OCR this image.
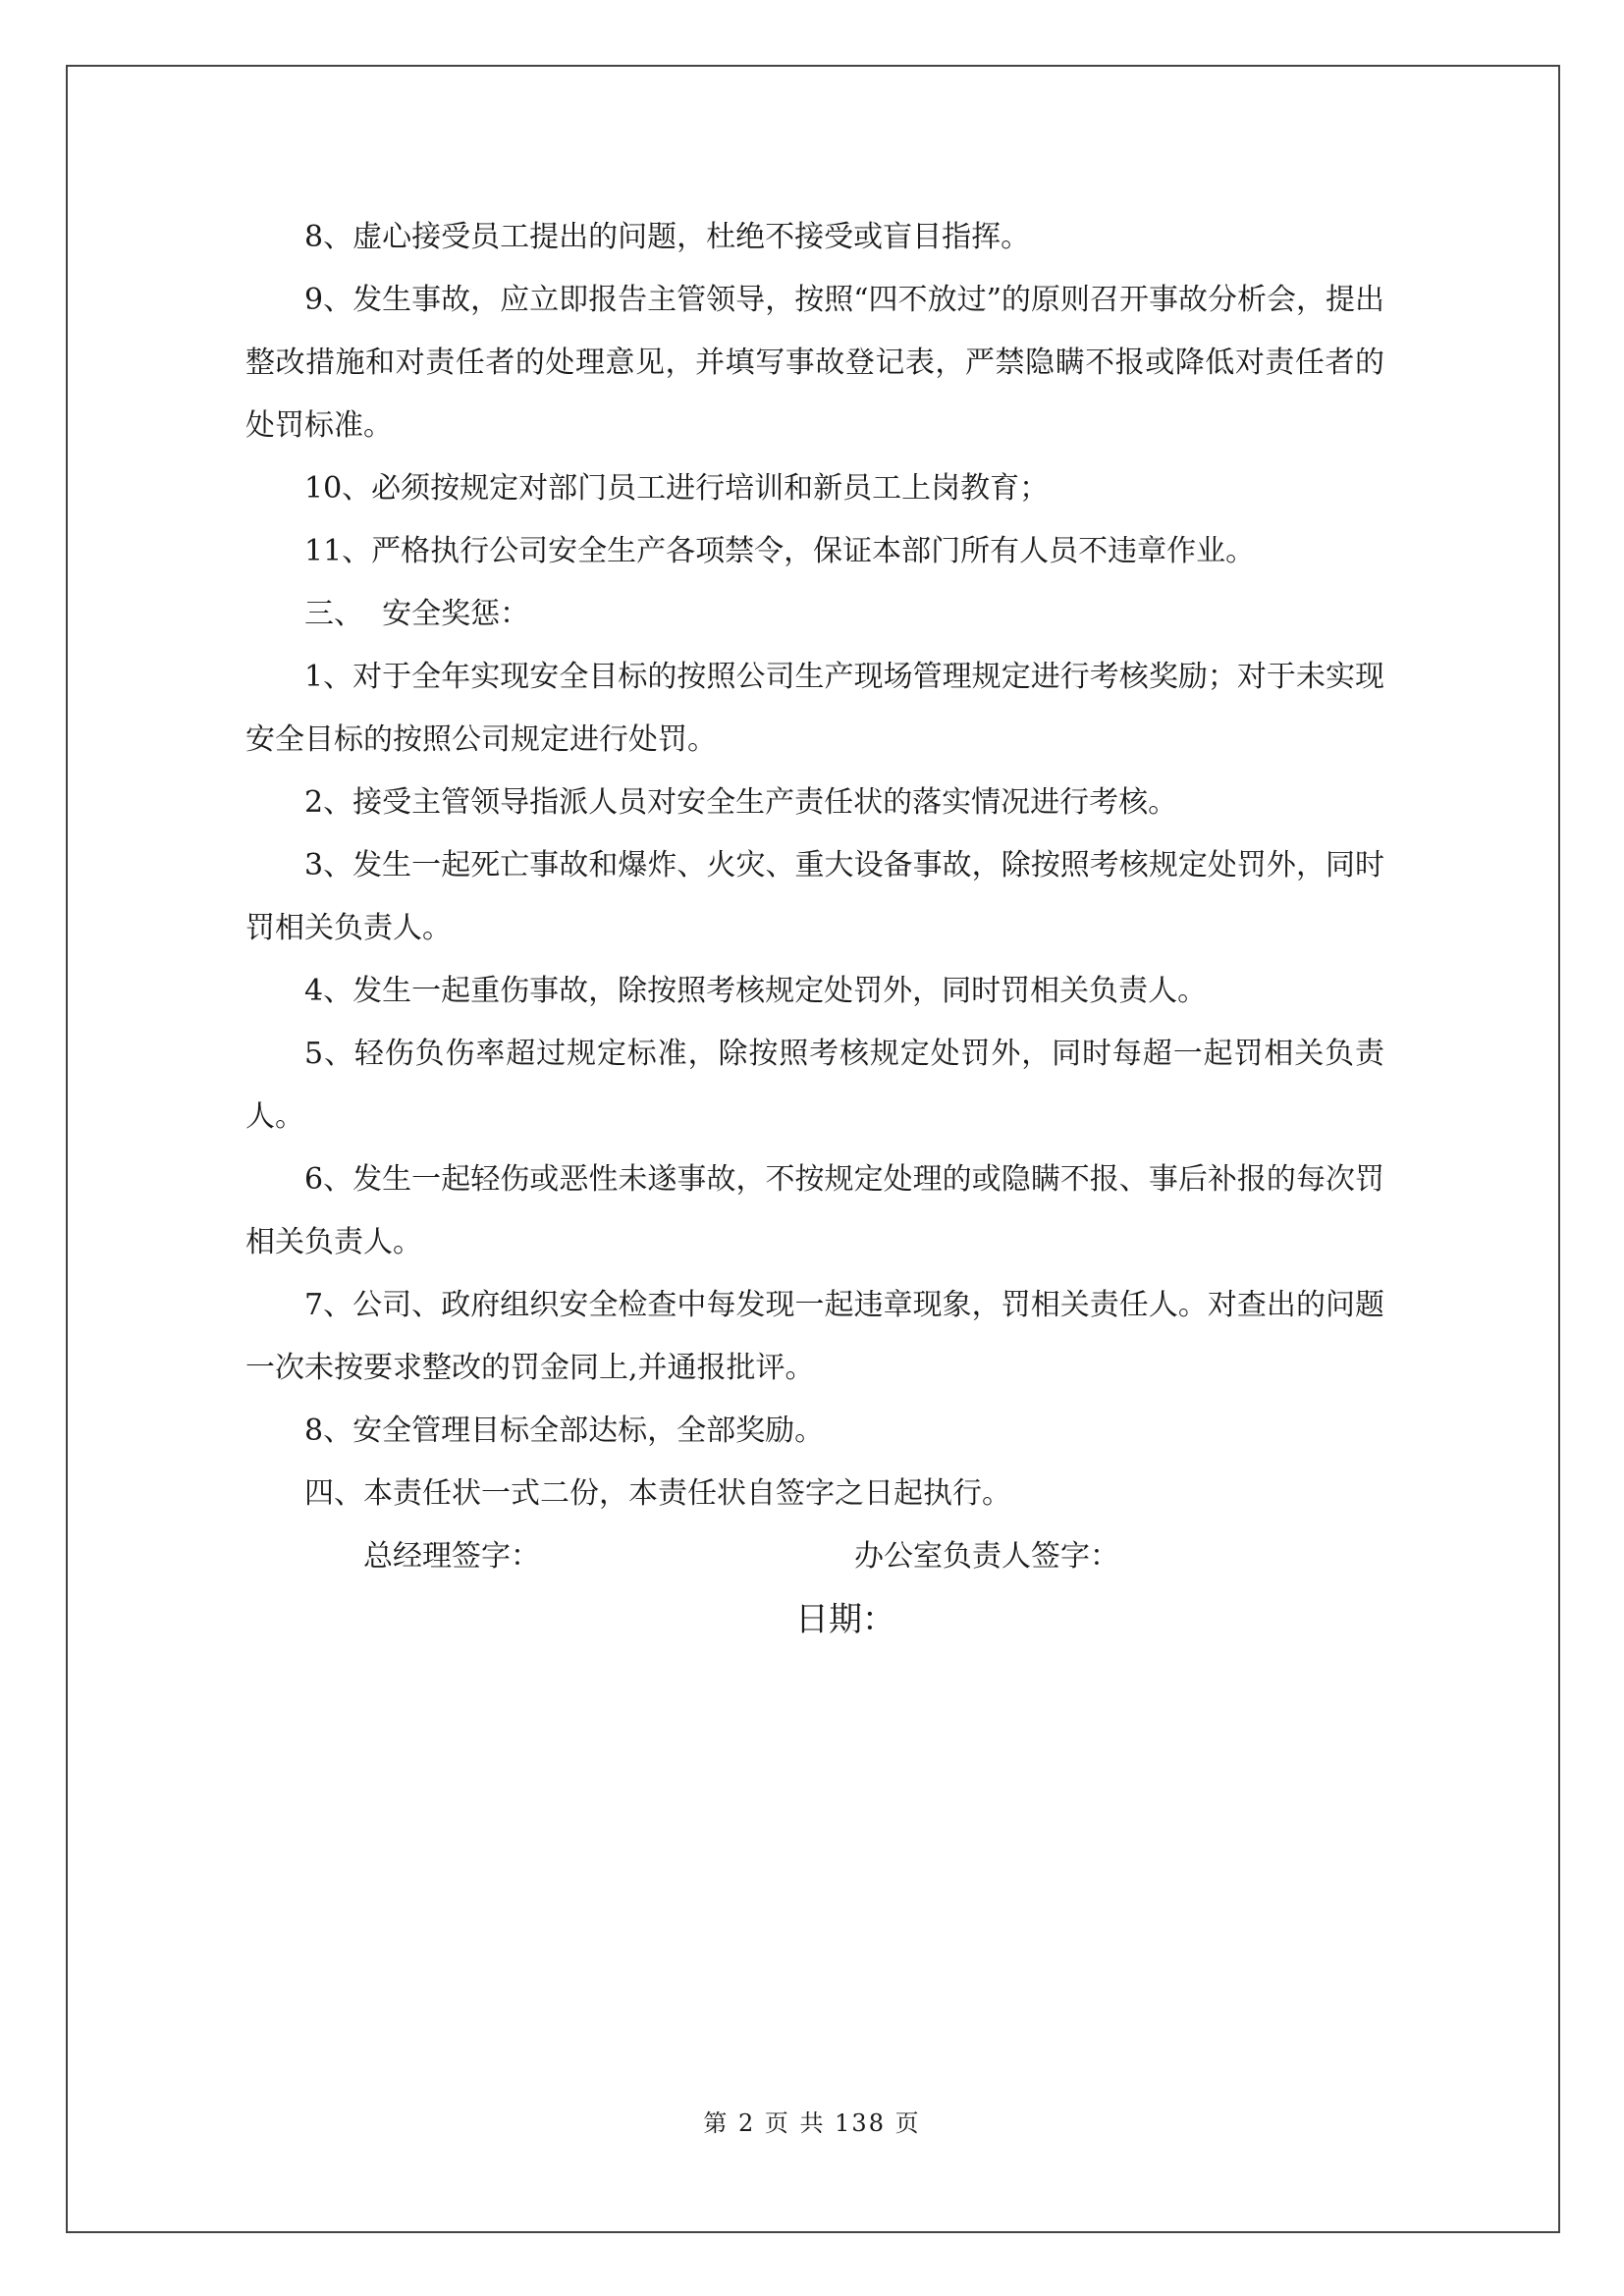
8、虚心接受员工提出的问题，杜绝不接受或盲目指挥。

9、发生事故，应立即报告主管领导，按照“四不放过”的原则召开事故分析会，提出整改措施和对责任者的处理意见，并填写事故登记表，严禁隐瞒不报或降低对责任者的处罚标准。

10、必须按规定对部门员工进行培训和新员工上岗教育；

11、严格执行公司安全生产各项禁令，保证本部门所有人员不违章作业。

三、  安全奖惩：

1、对于全年实现安全目标的按照公司生产现场管理规定进行考核奖励；对于未实现安全目标的按照公司规定进行处罚。

2、接受主管领导指派人员对安全生产责任状的落实情况进行考核。

3、发生一起死亡事故和爆炸、火灾、重大设备事故，除按照考核规定处罚外，同时罚相关负责人。

4、发生一起重伤事故，除按照考核规定处罚外，同时罚相关负责人。

5、轻伤负伤率超过规定标准，除按照考核规定处罚外，同时每超一起罚相关负责人。

6、发生一起轻伤或恶性未遂事故，不按规定处理的或隐瞒不报、事后补报的每次罚相关负责人。

7、公司、政府组织安全检查中每发现一起违章现象，罚相关责任人。对查出的问题一次未按要求整改的罚金同上,并通报批评。

8、安全管理目标全部达标，全部奖励。

四、本责任状一式二份，本责任状自签字之日起执行。

总经理签字：	办公室负责人签字：

日期：

第 2 页 共 138 页
